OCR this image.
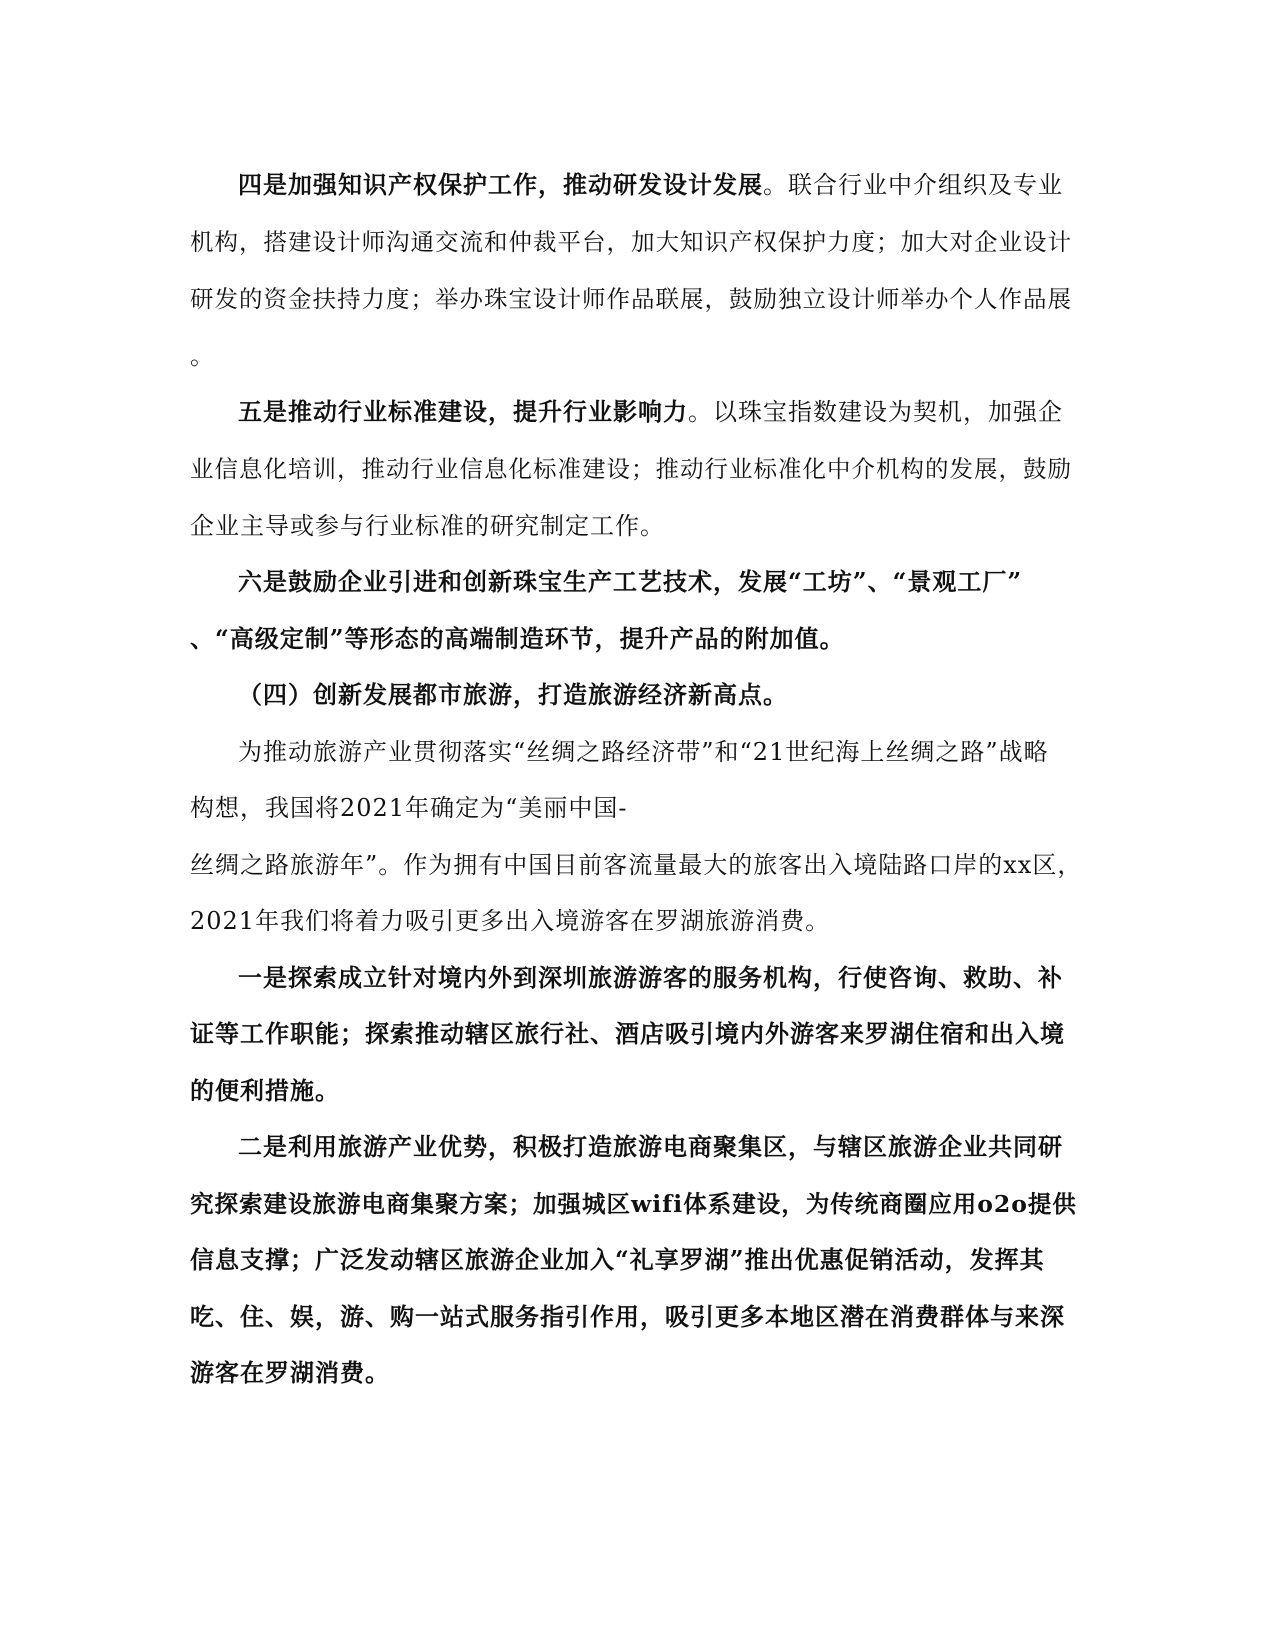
四是加强知识产权保护工作，推动研发设计发展。联合行业中介组织及专业
机构，搭建设计师沟通交流和仲裁平台，加大知识产权保护力度；加大对企业设计
研发的资金扶持力度；举办珠宝设计师作品联展，鼓励独立设计师举办个人作品展
。
五是推动行业标准建设，提升行业影响力。以珠宝指数建设为契机，加强企
业信息化培训，推动行业信息化标准建设；推动行业标准化中介机构的发展，鼓励
企业主导或参与行业标准的研究制定工作。
六是鼓励企业引进和创新珠宝生产工艺技术，发展“工坊”、“景观工厂”
、“高级定制”等形态的高端制造环节，提升产品的附加值。
（四）创新发展都市旅游，打造旅游经济新高点。
为推动旅游产业贯彻落实“丝绸之路经济带”和“21世纪海上丝绸之路”战略
构想，我国将2021年确定为“美丽中国-
丝绸之路旅游年”。作为拥有中国目前客流量最大的旅客出入境陆路口岸的xx区，
2021年我们将着力吸引更多出入境游客在罗湖旅游消费。
一是探索成立针对境内外到深圳旅游游客的服务机构，行使咨询、救助、补
证等工作职能；探索推动辖区旅行社、酒店吸引境内外游客来罗湖住宿和出入境
的便利措施。
二是利用旅游产业优势，积极打造旅游电商聚集区，与辖区旅游企业共同研
究探索建设旅游电商集聚方案；加强城区wifi体系建设，为传统商圈应用o2o提供
信息支撑；广泛发动辖区旅游企业加入“礼享罗湖”推出优惠促销活动，发挥其
吃、住、娱，游、购一站式服务指引作用，吸引更多本地区潜在消费群体与来深
游客在罗湖消费。
